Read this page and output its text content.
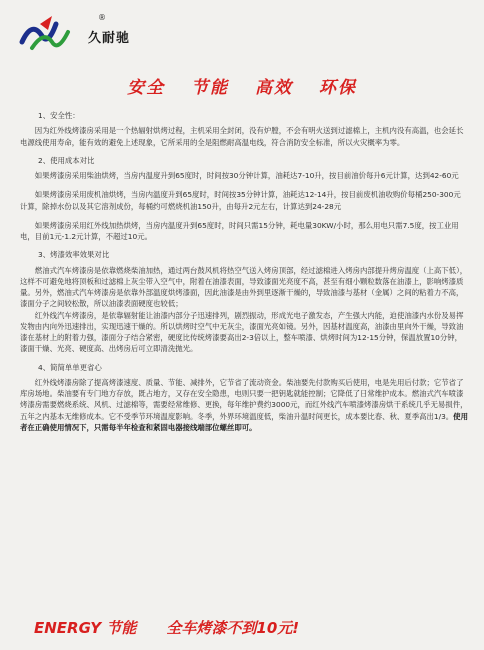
®
久耐驰
安全 节能 高效 环保

1、安全性：

因为红外线烤漆房采用是一个热辐射烘烤过程，主机采用全封闭，没有炉膛，不会有明火送到过滤棉上，主机内没有高温，也会延长电源线使用寿命，能有效的避免上述现象，它所采用的全是阻燃耐高温电线，符合消防安全标准，所以火灾概率为零。

2、使用成本对比

如果烤漆房采用柴油烘烤，当房内温度升到65度时，时间按30分钟计算，油耗达7-10升，按目前油价每升6元计算，达到42-60元

如果烤漆房采用废机油烘烤，当房内温度升到65度时，时间按35分钟计算，油耗达12-14升，按目前废机油收购价每桶250-300元计算，除掉水份以及其它溶剂成份，每桶约可燃烧机油150升，由每升2元左右，计算达到24-28元

如果烤漆房采用红外线加热烘烤，当房内温度升到65度时，时间只需15分钟，耗电量30KW/小时，那么用电只需7.5度，按工业用电，目前1元-1.2元计算，不超过10元。

3、烤漆效率效果对比

燃油式汽车烤漆房是依靠燃烧柴油加热，通过两台鼓风机将热空气送入烤房顶部，经过滤棉进入烤房内部提升烤房温度（上高下低），这样不可避免地将顶板和过滤棉上灰尘带入空气中，附着在油漆表面，导致漆面光亮度不高，甚至有细小颗粒数落在油漆上，影响烤漆质量。另外，燃油式汽车烤漆房是依靠外部温度烘烤漆面，因此油漆是由外到里逐渐干燥的，导致油漆与基材（金属）之间的粘着力不高，漆面分子之间较松散，所以油漆表面硬度也较低；

红外线汽车烤漆房，是依靠辐射能让油漆内部分子迅速排列，剧烈振动，形成光电子激发态，产生强大内能，迫使油漆内水份及易挥发物由内向外迅速排出，实现迅速干燥的。所以烘烤时空气中无灰尘，漆面光亮如镜。另外，因基材温度高，油漆由里向外干燥，导致油漆在基材上的附着力强，漆面分子结合紧密，硬度比传统烤漆要高出2-3倍以上，整车喷漆、烘烤时间为12-15分钟，保温放置10分钟，漆面干燥、光亮、硬度高、出烤房后可立即清洗抛光。

4、简简单单更省心

红外线烤漆房除了提高烤漆速度、质量、节能、减排外，它节省了流动资金。柴油要先付款购买后使用，电是先用后付款；它节省了库房场地。柴油要有专门地方存放，既占地方，又存在安全隐患，电则只要一把钥匙就能控制；它降低了日常维护成本。燃油式汽车喷漆烤漆房需要燃烧系统、风机、过滤棉等，需要经常维修、更换，每年维护费约3000元，而红外线汽车喷漆烤漆房烘干系统几乎无易损件，五年之内基本无维修成本。它不受季节环境温度影响。冬季，外界环境温度低，柴油升温时间更长，成本要比春、秋、夏季高出1/3。使用者在正确使用情况下，只需每半年检查和紧固电器接线端部位螺丝即可。

ENERGY 节能 全车烤漆不到10元!
